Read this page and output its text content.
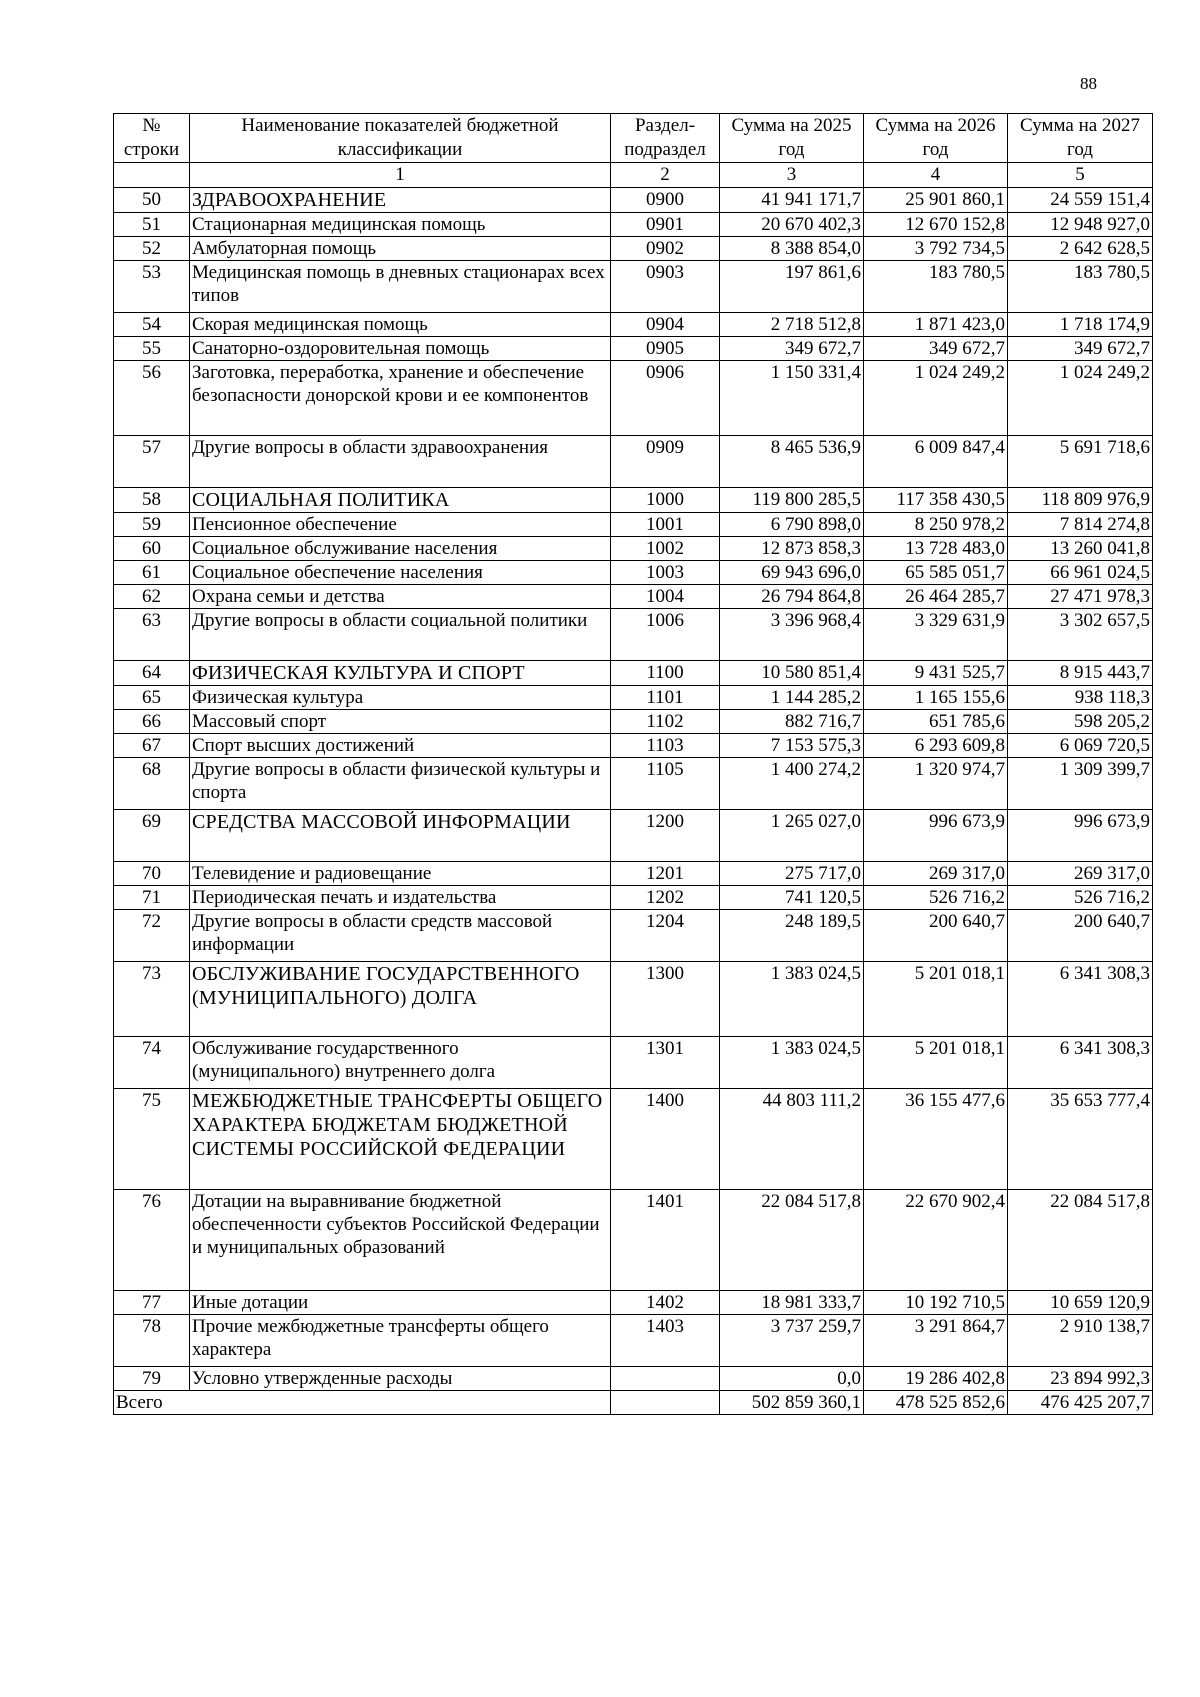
88
№ строки	Наименование показателей бюджетной классификации	Раздел-подраздел	Сумма на 2025 год	Сумма на 2026 год	Сумма на 2027 год
	1	2	3	4	5
50	ЗДРАВООХРАНЕНИЕ	0900	41 941 171,7	25 901 860,1	24 559 151,4
51	Стационарная медицинская помощь	0901	20 670 402,3	12 670 152,8	12 948 927,0
52	Амбулаторная помощь	0902	8 388 854,0	3 792 734,5	2 642 628,5
53	Медицинская помощь в дневных стационарах всех типов	0903	197 861,6	183 780,5	183 780,5
54	Скорая медицинская помощь	0904	2 718 512,8	1 871 423,0	1 718 174,9
55	Санаторно-оздоровительная помощь	0905	349 672,7	349 672,7	349 672,7
56	Заготовка, переработка, хранение и обеспечение безопасности донорской крови и ее компонентов	0906	1 150 331,4	1 024 249,2	1 024 249,2
57	Другие вопросы в области здравоохранения	0909	8 465 536,9	6 009 847,4	5 691 718,6
58	СОЦИАЛЬНАЯ ПОЛИТИКА	1000	119 800 285,5	117 358 430,5	118 809 976,9
59	Пенсионное обеспечение	1001	6 790 898,0	8 250 978,2	7 814 274,8
60	Социальное обслуживание населения	1002	12 873 858,3	13 728 483,0	13 260 041,8
61	Социальное обеспечение населения	1003	69 943 696,0	65 585 051,7	66 961 024,5
62	Охрана семьи и детства	1004	26 794 864,8	26 464 285,7	27 471 978,3
63	Другие вопросы в области социальной политики	1006	3 396 968,4	3 329 631,9	3 302 657,5
64	ФИЗИЧЕСКАЯ КУЛЬТУРА И СПОРТ	1100	10 580 851,4	9 431 525,7	8 915 443,7
65	Физическая культура	1101	1 144 285,2	1 165 155,6	938 118,3
66	Массовый спорт	1102	882 716,7	651 785,6	598 205,2
67	Спорт высших достижений	1103	7 153 575,3	6 293 609,8	6 069 720,5
68	Другие вопросы в области физической культуры и спорта	1105	1 400 274,2	1 320 974,7	1 309 399,7
69	СРЕДСТВА МАССОВОЙ ИНФОРМАЦИИ	1200	1 265 027,0	996 673,9	996 673,9
70	Телевидение и радиовещание	1201	275 717,0	269 317,0	269 317,0
71	Периодическая печать и издательства	1202	741 120,5	526 716,2	526 716,2
72	Другие вопросы в области средств массовой информации	1204	248 189,5	200 640,7	200 640,7
73	ОБСЛУЖИВАНИЕ ГОСУДАРСТВЕННОГО (МУНИЦИПАЛЬНОГО) ДОЛГА	1300	1 383 024,5	5 201 018,1	6 341 308,3
74	Обслуживание государственного (муниципального) внутреннего долга	1301	1 383 024,5	5 201 018,1	6 341 308,3
75	МЕЖБЮДЖЕТНЫЕ ТРАНСФЕРТЫ ОБЩЕГО ХАРАКТЕРА БЮДЖЕТАМ БЮДЖЕТНОЙ СИСТЕМЫ РОССИЙСКОЙ ФЕДЕРАЦИИ	1400	44 803 111,2	36 155 477,6	35 653 777,4
76	Дотации на выравнивание бюджетной обеспеченности субъектов Российской Федерации и муниципальных образований	1401	22 084 517,8	22 670 902,4	22 084 517,8
77	Иные дотации	1402	18 981 333,7	10 192 710,5	10 659 120,9
78	Прочие межбюджетные трансферты общего характера	1403	3 737 259,7	3 291 864,7	2 910 138,7
79	Условно утвержденные расходы		0,0	19 286 402,8	23 894 992,3
Всего			502 859 360,1	478 525 852,6	476 425 207,7
